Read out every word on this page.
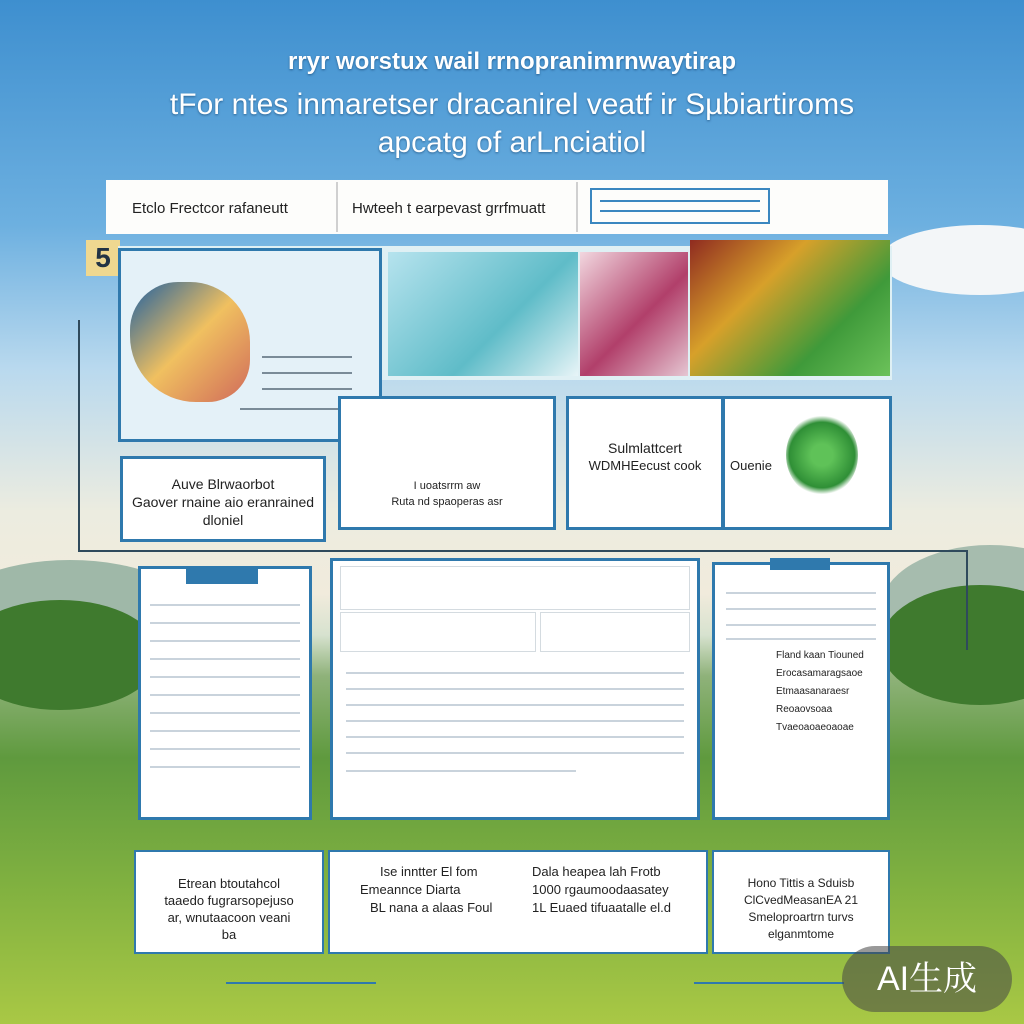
rryr worstux wail rrnopranimrnwaytirap
tFor ntes inmaretser dracanirel veatf ir Sµbiartiroms
apcatg of arLnciatiol
Etclo Frectcor rafaneutt	Hwteeh t earpevast grrfmuatt
5
Auve Blrwaorbot
Gaover rnaine aio eranrained
dloniel
I uoatsrrm aw
Ruta nd spaoperas asr
Sulmlattcert
WDMHEecust cook	Ouenie
Fland kaan Tiouned
Erocasamaragsaoe
Etmaasanaraesr
Reoaovsoaa
Tvaeoaoaeoaoae
Etrean btoutahcol
taaedo fugrarsopejuso
ar, wnutaacoon veani
ba
Ise inntter El fom
Emeannce Diarta
BL nana a alaas Foul
Dala heapea lah Frotb
1000 rgaumoodaasatey
1L Euaed tifuaatalle el.d
Hono Tittis a Sduisb
ClCvedMeasanEA 21
Smeloproartrn turvs
elganmtome
AI生成
